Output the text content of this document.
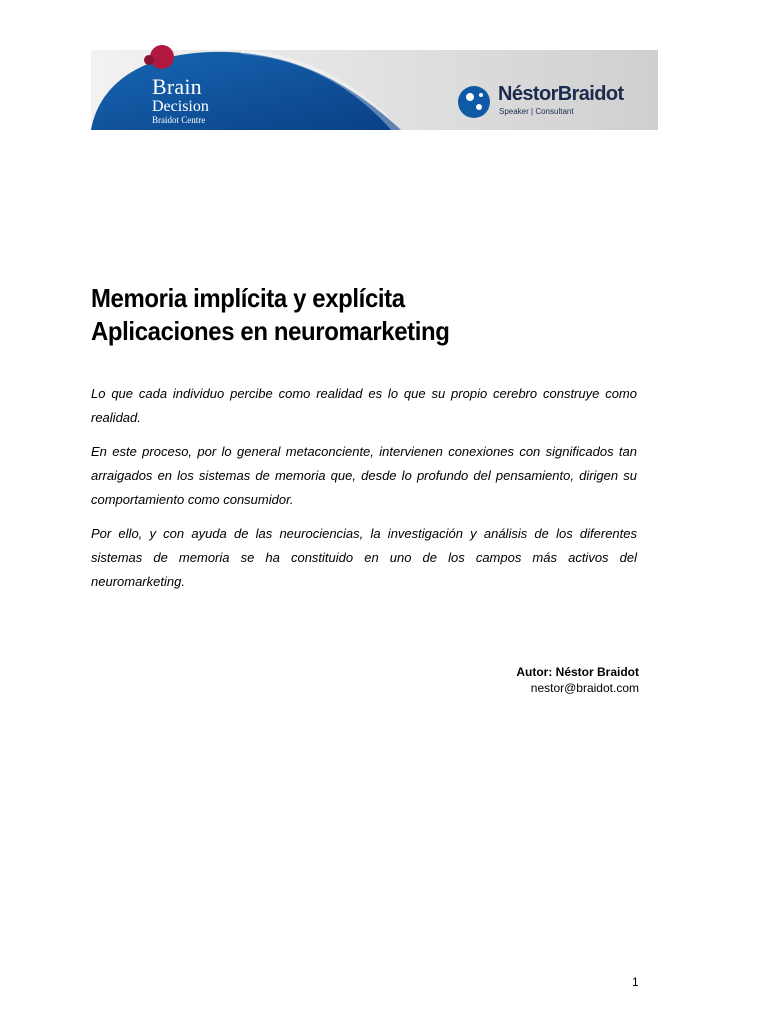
Brain
Decision
Braidot Centre
NéstorBraidot
Speaker | Consultant
Memoria implícita y explícita
Aplicaciones en neuromarketing

Lo que cada individuo percibe como realidad es lo que su propio cerebro construye como realidad.

En este proceso, por lo general metaconciente, intervienen conexiones con significados tan arraigados en los sistemas de memoria que, desde lo profundo del pensamiento, dirigen su comportamiento como consumidor.

Por ello, y con ayuda de las neurociencias, la investigación y análisis de los diferentes sistemas de memoria se ha constituido en uno de los campos más activos del neuromarketing.

Autor: Néstor Braidot
nestor@braidot.com
1
